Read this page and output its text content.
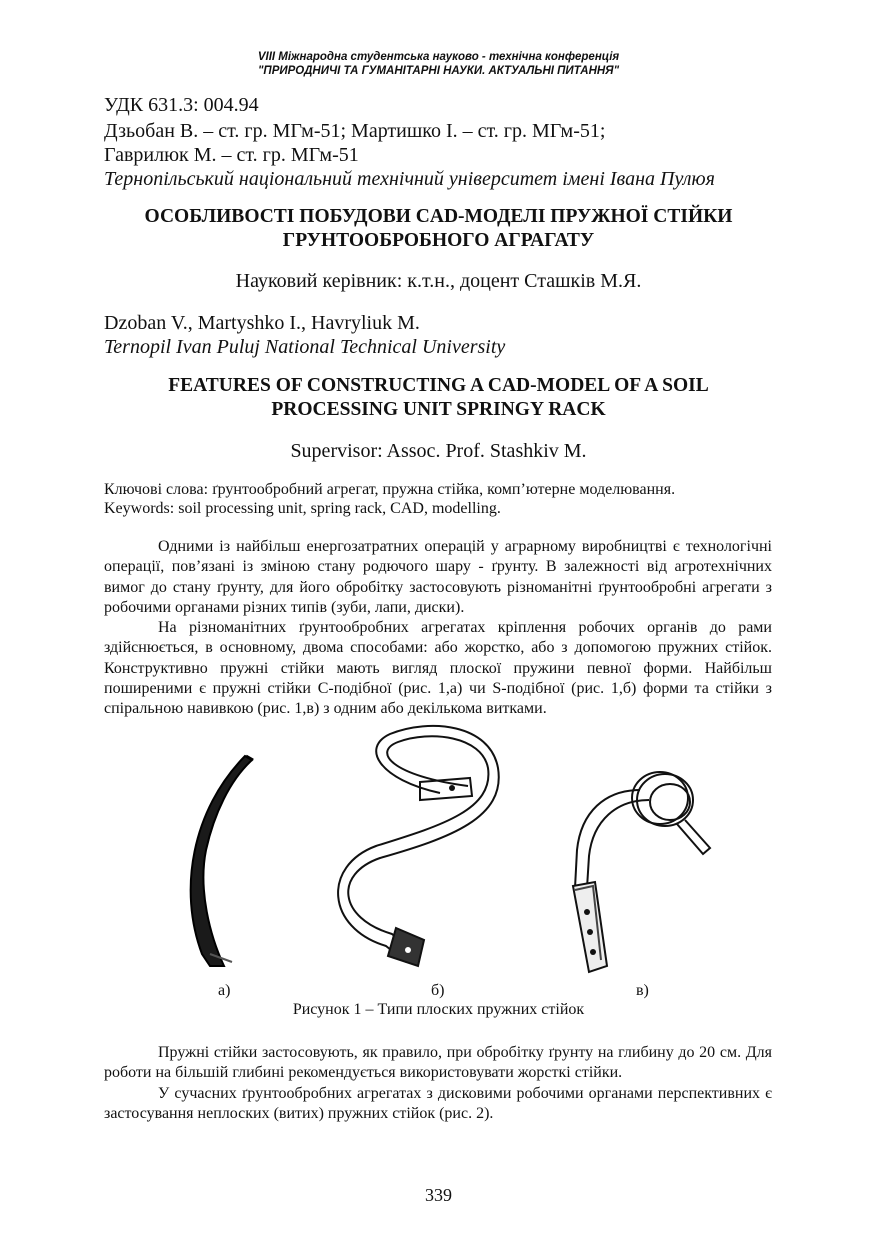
VIII Міжнародна студентська науково - технічна конференція
"ПРИРОДНИЧІ ТА ГУМАНІТАРНІ НАУКИ. АКТУАЛЬНІ ПИТАННЯ"
УДК 631.3: 004.94
Дзьобан В. – ст. гр. МГм-51; Мартишко І. – ст. гр. МГм-51;
Гаврилюк М. – ст. гр. МГм-51
Тернопільський національний технічний університет імені Івана Пулюя
ОСОБЛИВОСТІ ПОБУДОВИ CAD-МОДЕЛІ ПРУЖНОЇ СТІЙКИ
ГРУНТООБРОБНОГО АГРАГАТУ
Науковий керівник: к.т.н., доцент Сташків М.Я.
Dzoban V., Martyshko I., Havryliuk M.
Ternopil Ivan Puluj National Technical University
FEATURES OF CONSTRUCTING A CAD-MODEL OF A SOIL
PROCESSING UNIT SPRINGY RACK
Supervisor: Assoc. Prof. Stashkiv M.
Ключові слова: ґрунтообробний агрегат, пружна стійка, комп’ютерне моделювання.
Keywords: soil processing unit, spring rack, CAD, modelling.

Одними із найбільш енергозатратних операцій у аграрному виробництві є технологічні операції, пов’язані із зміною стану родючого шару - ґрунту. В залежності від агротехнічних вимог до стану ґрунту, для його обробітку застосовують різноманітні ґрунтообробні агрегати з робочими органами різних типів (зуби, лапи, диски).

На різноманітних ґрунтообробних агрегатах кріплення робочих органів до рами здійснюється, в основному, двома способами: або жорстко, або з допомогою пружних стійок. Конструктивно пружні стійки мають вигляд плоскої пружини певної форми. Найбільш поширеними є пружні стійки С-подібної (рис. 1,а) чи S-подібної (рис. 1,б) форми та стійки з спіральною навивкою (рис. 1,в) з одним або декількома витками.

а)	б)	в)
Рисунок 1 – Типи плоских пружних стійок

Пружні стійки застосовують, як правило, при обробітку ґрунту на глибину до 20 см. Для роботи на більшій глибині рекомендується використовувати жорсткі стійки.

У сучасних ґрунтообробних агрегатах з дисковими робочими органами перспективних є застосування неплоских (витих) пружних стійок (рис. 2).

339
